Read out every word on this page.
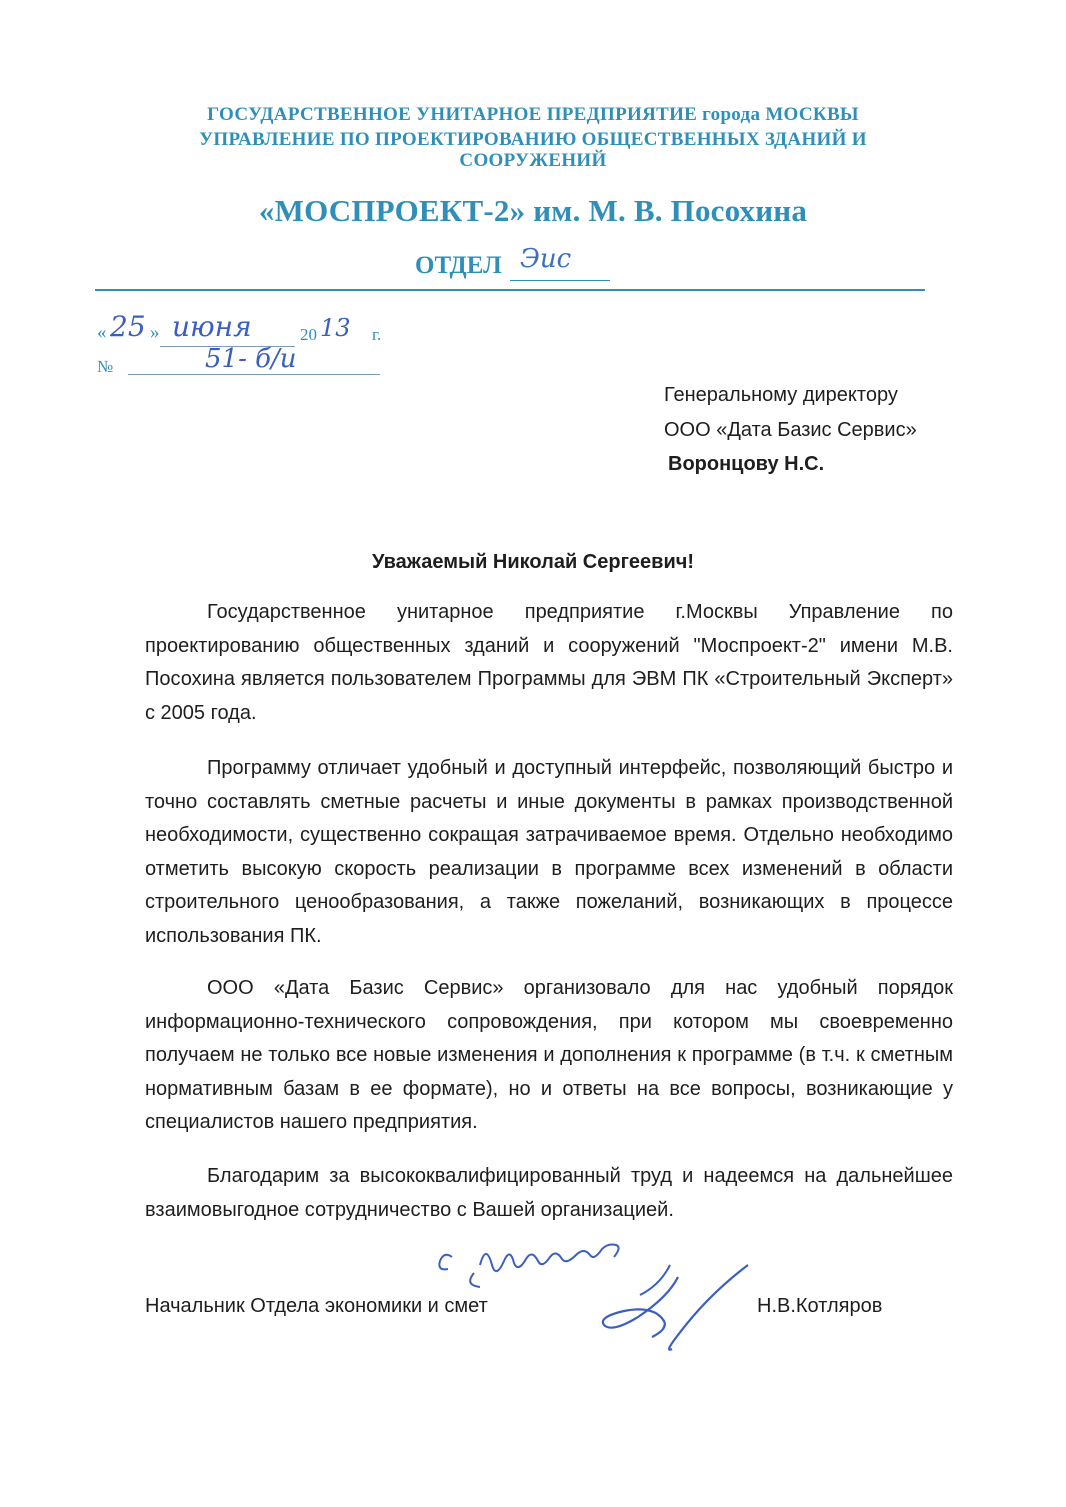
ГОСУДАРСТВЕННОЕ УНИТАРНОЕ ПРЕДПРИЯТИЕ города МОСКВЫ
УПРАВЛЕНИЕ ПО ПРОЕКТИРОВАНИЮ ОБЩЕСТВЕННЫХ ЗДАНИЙ И
СООРУЖЕНИЙ
«МОСПРОЕКТ-2» им. М. В. Посохина
ОТДЕЛ Эис
« 25 » июня	20 13 г.
№	51- б/и
Генеральному директору
ООО «Дата Базис Сервис»
Воронцову Н.С.
Уважаемый Николай Сергеевич!
Государственное унитарное предприятие г.Москвы Управление по проектированию общественных зданий и сооружений "Моспроект-2" имени М.В. Посохина является пользователем Программы для ЭВМ ПК «Строительный Эксперт» с 2005 года.
Программу отличает удобный и доступный интерфейс, позволяющий быстро и точно составлять сметные расчеты и иные документы в рамках производственной необходимости, существенно сокращая затрачиваемое время. Отдельно необходимо отметить высокую скорость реализации в программе всех изменений в области строительного ценообразования, а также пожеланий, возникающих в процессе использования ПК.
ООО «Дата Базис Сервис» организовало для нас удобный порядок информационно-технического сопровождения, при котором мы своевременно получаем не только все новые изменения и дополнения к программе (в т.ч. к сметным нормативным базам в ее формате), но и ответы на все вопросы, возникающие у специалистов нашего предприятия.
Благодарим за высококвалифицированный труд и надеемся на дальнейшее взаимовыгодное сотрудничество с Вашей организацией.
Начальник Отдела экономики и смет	Н.В.Котляров
